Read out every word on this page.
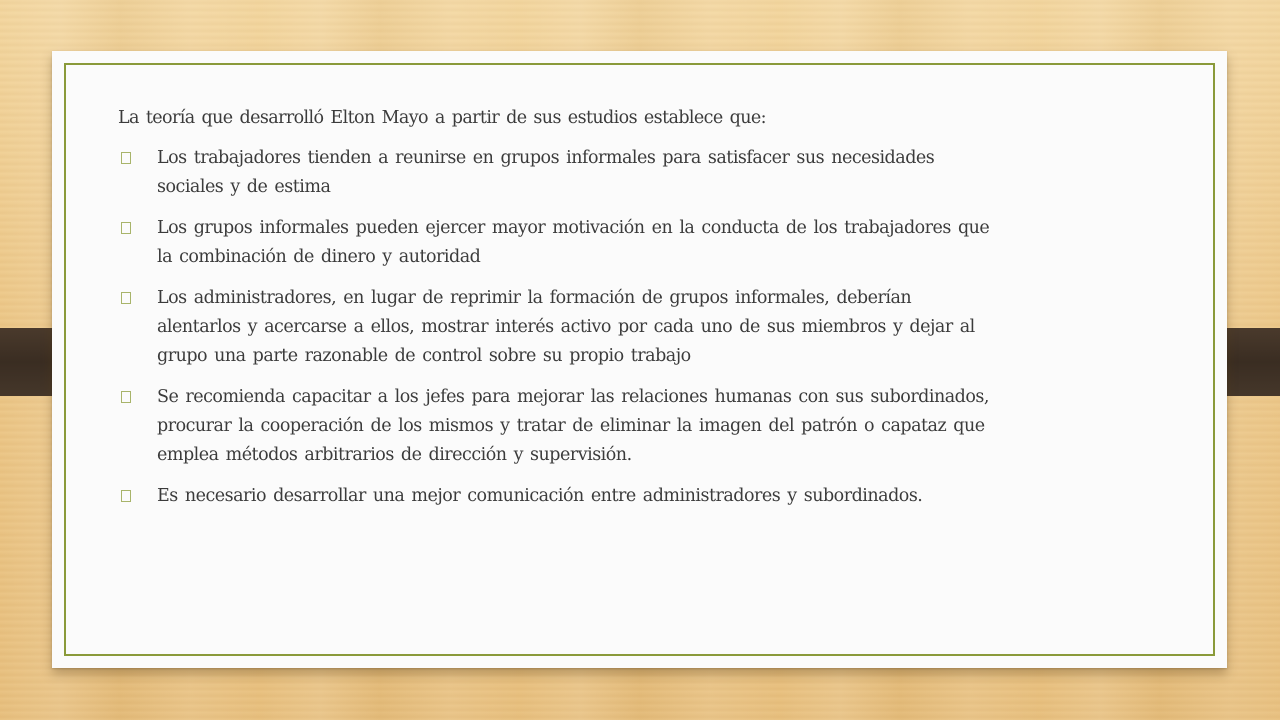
La teoría que desarrolló Elton Mayo a partir de sus estudios establece que:

Los trabajadores tienden a reunirse en grupos informales para satisfacer sus necesidades sociales y de estima
Los grupos informales pueden ejercer mayor motivación en la conducta de los trabajadores que la combinación de dinero y autoridad
Los administradores, en lugar de reprimir la formación de grupos informales, deberían alentarlos y acercarse a ellos, mostrar interés activo por cada uno de sus miembros y dejar al grupo una parte razonable de control sobre su propio trabajo
Se recomienda capacitar a los jefes para mejorar las relaciones humanas con sus subordinados, procurar la cooperación de los mismos y tratar de eliminar la imagen del patrón o capataz que emplea métodos arbitrarios de dirección y supervisión.
Es necesario desarrollar una mejor comunicación entre administradores y subordinados.
